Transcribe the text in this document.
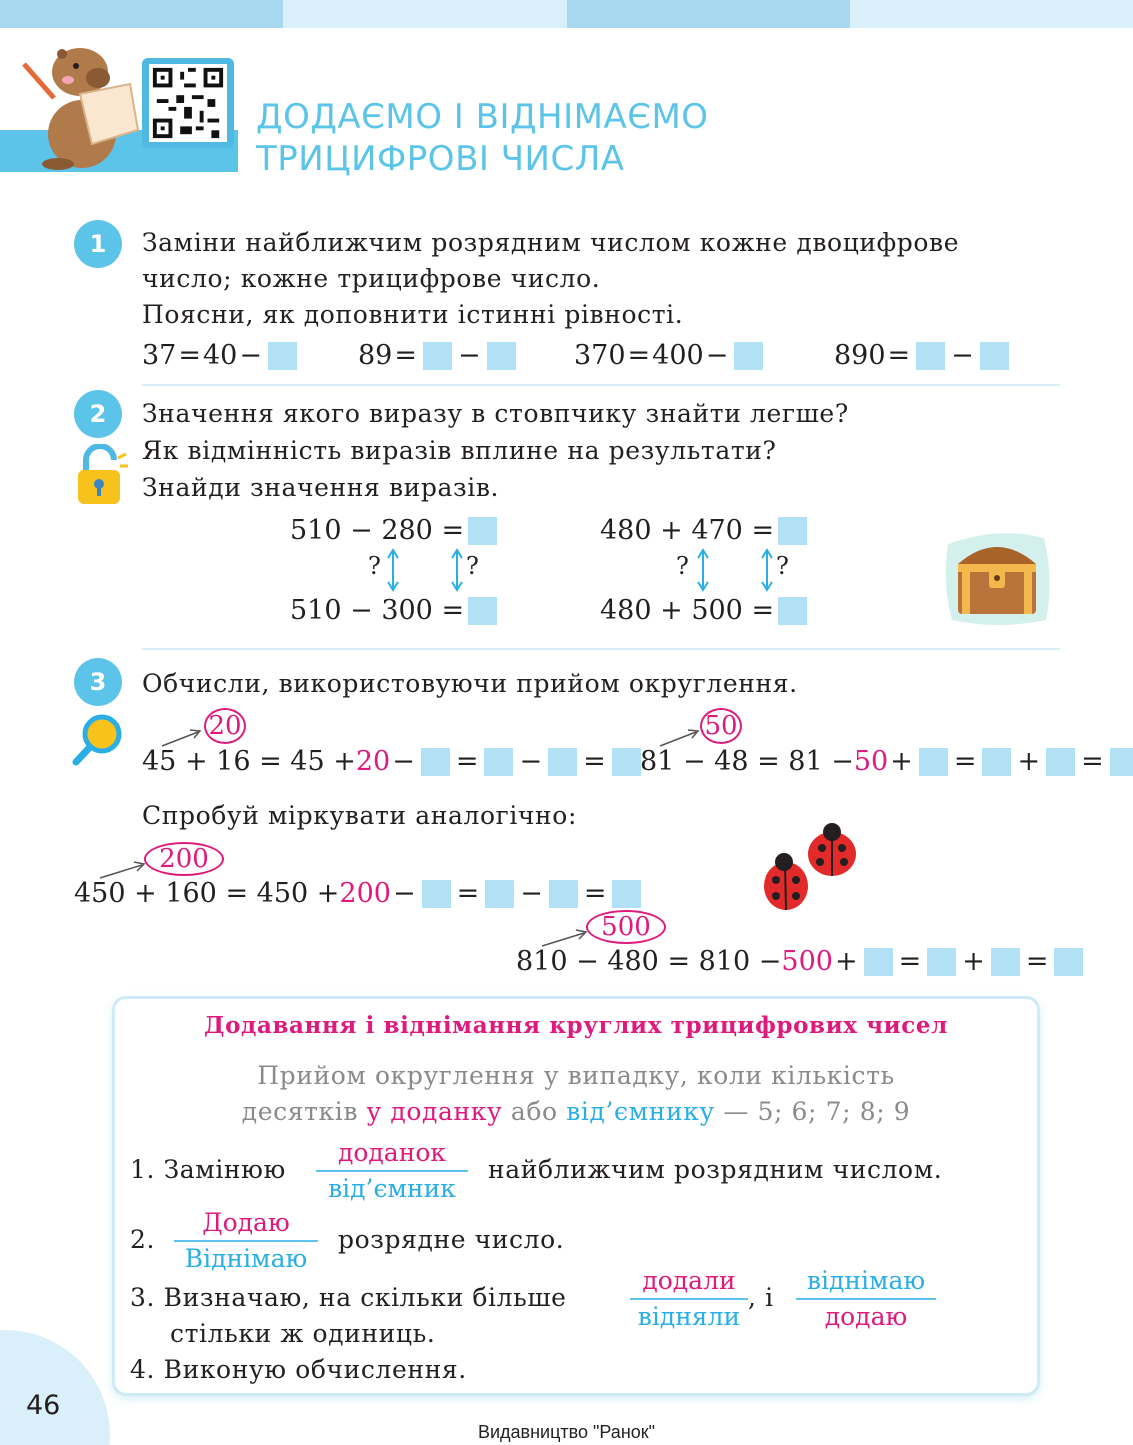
ДОДАЄМО І ВІДНІМАЄМО
ТРИЦИФРОВІ ЧИСЛА
1	Заміни найближчим розрядним числом кожне двоцифрове
число; кожне трицифрове число.
Поясни, як доповнити істинні рівності.
37 = 40 −	89 = −	370 = 400 −	890 = −
2	Значення якого виразу в стовпчику знайти легше?
Як відмінність виразів вплине на результати?
Знайди значення виразів.
510 − 280 =
510 − 300 =
480 + 470 =
480 + 500 =
?	?	?	?
3	Обчисли, використовуючи прийом округлення.
20
45 + 16 = 45 + 20 − = − =
50
81 − 48 = 81 − 50 + = + =
Спробуй міркувати аналогічно:
200
450 + 160 = 450 + 200 − = − =
500
810 − 480 = 810 − 500 + = + =
Додавання і віднімання круглих трицифрових чисел
Прийом округлення у випадку, коли кількість
десятків у доданку або від’ємнику — 5; 6; 7; 8; 9
1. Замінюю
доданок
від’ємник
найближчим розрядним числом.
2.
Додаю
Віднімаю
розрядне число.
3. Визначаю, на скільки більше
додали
відняли
, і
віднімаю
додаю
стільки ж одиниць.
4. Виконую обчислення.
46
Видавництво "Ранок"
